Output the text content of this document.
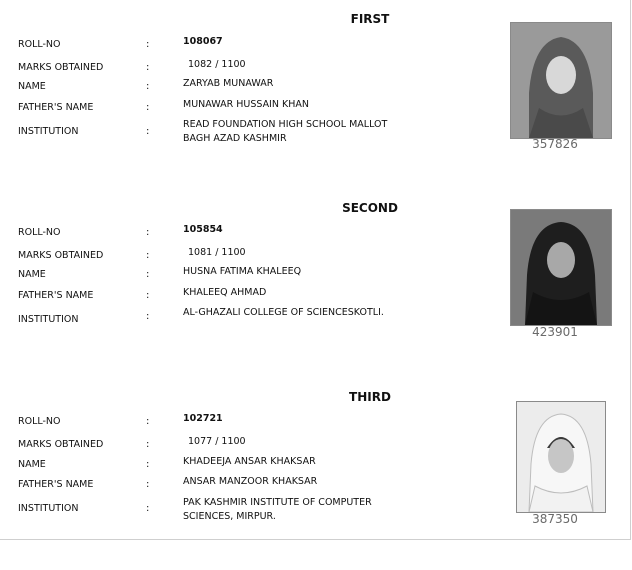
FIRST
ROLL-NO	:	108067
MARKS OBTAINED	:	1082 / 1100
NAME	:	ZARYAB MUNAWAR
FATHER'S NAME	:	MUNAWAR HUSSAIN KHAN
INSTITUTION	:
READ FOUNDATION HIGH SCHOOL MALLOT
BAGH AZAD KASHMIR	357826
SECOND
ROLL-NO	:	105854
MARKS OBTAINED	:	1081 / 1100
NAME	:	HUSNA FATIMA KHALEEQ
FATHER'S NAME	:	KHALEEQ AHMAD
INSTITUTION	:	AL-GHAZALI COLLEGE OF SCIENCESKOTLI.
423901
THIRD
ROLL-NO	:	102721
MARKS OBTAINED	:	1077 / 1100
NAME	:	KHADEEJA ANSAR KHAKSAR
FATHER'S NAME	:	ANSAR MANZOOR KHAKSAR
INSTITUTION	:
PAK KASHMIR INSTITUTE OF COMPUTER
SCIENCES, MIRPUR.	387350
